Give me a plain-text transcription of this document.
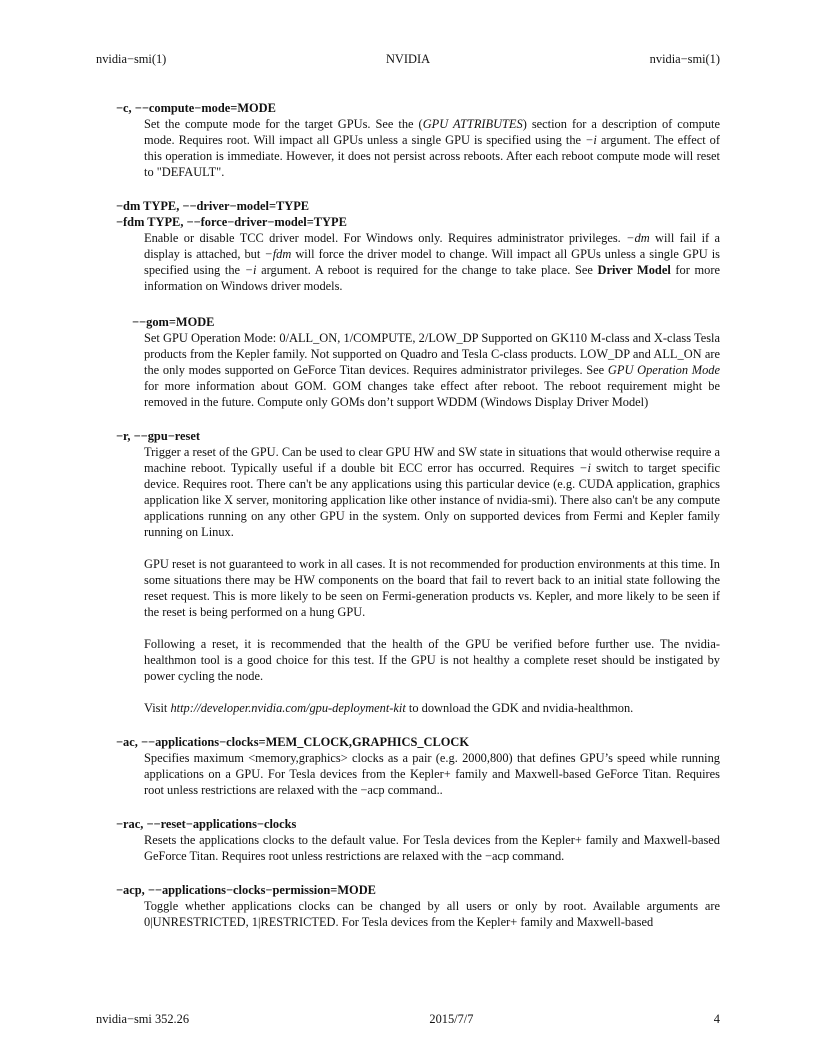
nvidia−smi(1)	NVIDIA	nvidia−smi(1)
−c, −−compute−mode=MODE
Set the compute mode for the target GPUs. See the (GPU ATTRIBUTES) section for a description of compute mode. Requires root. Will impact all GPUs unless a single GPU is specified using the −i argument. The effect of this operation is immediate. However, it does not persist across reboots. After each reboot compute mode will reset to "DEFAULT".
−dm TYPE, −−driver−model=TYPE
−fdm TYPE, −−force−driver−model=TYPE
Enable or disable TCC driver model. For Windows only. Requires administrator privileges. −dm will fail if a display is attached, but −fdm will force the driver model to change. Will impact all GPUs unless a single GPU is specified using the −i argument. A reboot is required for the change to take place. See Driver Model for more information on Windows driver models.
−−gom=MODE
Set GPU Operation Mode: 0/ALL_ON, 1/COMPUTE, 2/LOW_DP Supported on GK110 M-class and X-class Tesla products from the Kepler family. Not supported on Quadro and Tesla C-class products. LOW_DP and ALL_ON are the only modes supported on GeForce Titan devices. Requires administrator privileges. See GPU Operation Mode for more information about GOM. GOM changes take effect after reboot. The reboot requirement might be removed in the future. Compute only GOMs don’t support WDDM (Windows Display Driver Model)
−r, −−gpu−reset
Trigger a reset of the GPU. Can be used to clear GPU HW and SW state in situations that would otherwise require a machine reboot. Typically useful if a double bit ECC error has occurred. Requires −i switch to target specific device. Requires root. There can't be any applications using this particular device (e.g. CUDA application, graphics application like X server, monitoring application like other instance of nvidia-smi). There also can't be any compute applications running on any other GPU in the system. Only on supported devices from Fermi and Kepler family running on Linux.
GPU reset is not guaranteed to work in all cases. It is not recommended for production environments at this time. In some situations there may be HW components on the board that fail to revert back to an initial state following the reset request. This is more likely to be seen on Fermi-generation products vs. Kepler, and more likely to be seen if the reset is being performed on a hung GPU.
Following a reset, it is recommended that the health of the GPU be verified before further use. The nvidia-healthmon tool is a good choice for this test. If the GPU is not healthy a complete reset should be instigated by power cycling the node.
Visit http://developer.nvidia.com/gpu-deployment-kit to download the GDK and nvidia-healthmon.
−ac, −−applications−clocks=MEM_CLOCK,GRAPHICS_CLOCK
Specifies maximum <memory,graphics> clocks as a pair (e.g. 2000,800) that defines GPU’s speed while running applications on a GPU. For Tesla devices from the Kepler+ family and Maxwell-based GeForce Titan. Requires root unless restrictions are relaxed with the −acp command..
−rac, −−reset−applications−clocks
Resets the applications clocks to the default value. For Tesla devices from the Kepler+ family and Maxwell-based GeForce Titan. Requires root unless restrictions are relaxed with the −acp command.
−acp, −−applications−clocks−permission=MODE
Toggle whether applications clocks can be changed by all users or only by root. Available arguments are 0|UNRESTRICTED, 1|RESTRICTED. For Tesla devices from the Kepler+ family and Maxwell-based
nvidia−smi 352.26	2015/7/7	4
